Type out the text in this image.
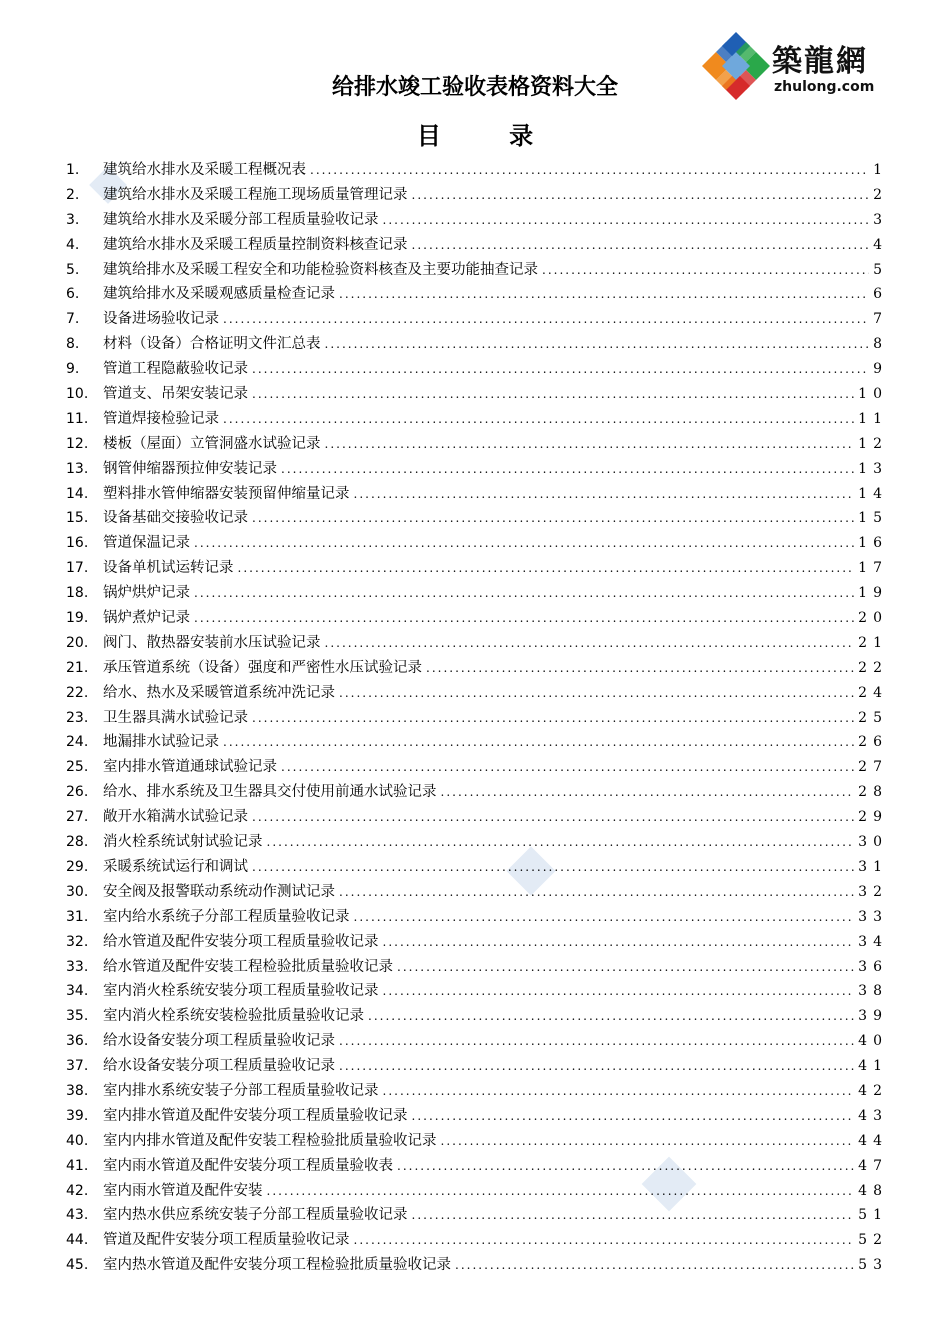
築龍網
zhulong.com
给排水竣工验收表格资料大全
目 录
1.	建筑给水排水及采暖工程概况表 .....	1
2.	建筑给水排水及采暖工程施工现场质量管理记录 .....	2
3.	建筑给水排水及采暖分部工程质量验收记录 .....	3
4.	建筑给水排水及采暖工程质量控制资料核查记录 .....	4
5.	建筑给排水及采暖工程安全和功能检验资料核查及主要功能抽查记录 .....	5
6.	建筑给排水及采暖观感质量检查记录 .....	6
7.	设备进场验收记录 .....	7
8.	材料（设备）合格证明文件汇总表 .....	8
9.	管道工程隐蔽验收记录 .....	9
10.	管道支、吊架安装记录 .....	10
11.	管道焊接检验记录 .....	11
12.	楼板（屋面）立管洞盛水试验记录 .....	12
13.	钢管伸缩器预拉伸安装记录 .....	13
14.	塑料排水管伸缩器安装预留伸缩量记录 .....	14
15.	设备基础交接验收记录 .....	15
16.	管道保温记录 .....	16
17.	设备单机试运转记录 .....	17
18.	锅炉烘炉记录 .....	19
19.	锅炉煮炉记录 .....	20
20.	阀门、散热器安装前水压试验记录 .....	21
21.	承压管道系统（设备）强度和严密性水压试验记录 .....	22
22.	给水、热水及采暖管道系统冲洗记录 .....	24
23.	卫生器具满水试验记录 .....	25
24.	地漏排水试验记录 .....	26
25.	室内排水管道通球试验记录 .....	27
26.	给水、排水系统及卫生器具交付使用前通水试验记录 .....	28
27.	敞开水箱满水试验记录 .....	29
28.	消火栓系统试射试验记录 .....	30
29.	采暖系统试运行和调试 .....	31
30.	安全阀及报警联动系统动作测试记录 .....	32
31.	室内给水系统子分部工程质量验收记录 .....	33
32.	给水管道及配件安装分项工程质量验收记录 .....	34
33.	给水管道及配件安装工程检验批质量验收记录 .....	36
34.	室内消火栓系统安装分项工程质量验收记录 .....	38
35.	室内消火栓系统安装检验批质量验收记录 .....	39
36.	给水设备安装分项工程质量验收记录 .....	40
37.	给水设备安装分项工程质量验收记录 .....	41
38.	室内排水系统安装子分部工程质量验收记录 .....	42
39.	室内排水管道及配件安装分项工程质量验收记录 .....	43
40.	室内内排水管道及配件安装工程检验批质量验收记录 .....	44
41.	室内雨水管道及配件安装分项工程质量验收表 .....	47
42.	室内雨水管道及配件安装 .....	48
43.	室内热水供应系统安装子分部工程质量验收记录 .....	51
44.	管道及配件安装分项工程质量验收记录 .....	52
45.	室内热水管道及配件安装分项工程检验批质量验收记录 .....	53
